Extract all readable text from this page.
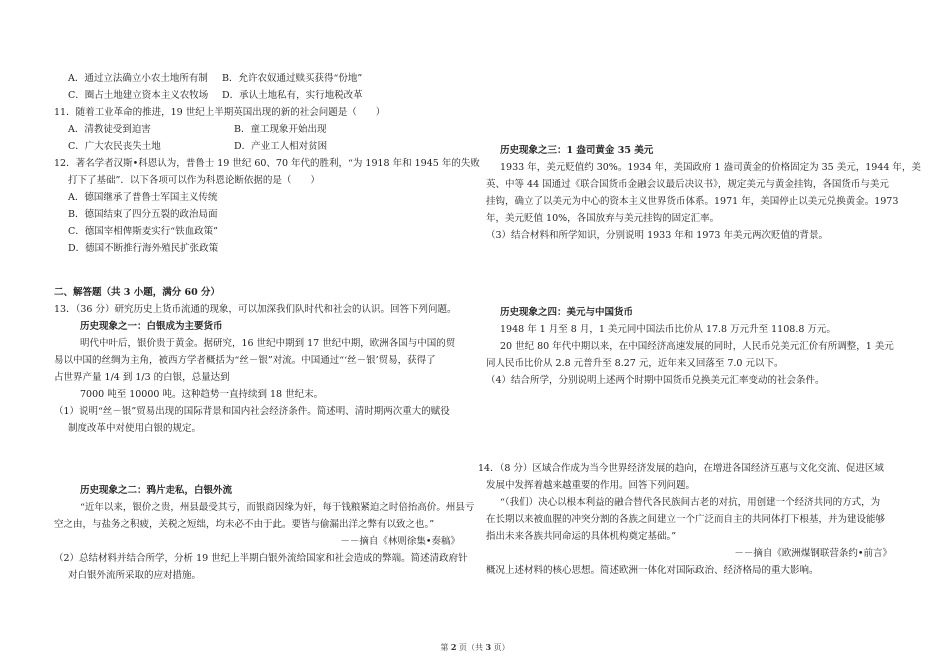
A．通过立法确立小农土地所有制	B．允许农奴通过赎买获得“份地”
C．圈占土地建立资本主义农牧场	D．承认土地私有，实行地税改革
11．随着工业革命的推进，19 世纪上半期英国出现的新的社会问题是（　　）
A．清教徒受到迫害	B．童工现象开始出现
C．广大农民丧失土地	D．产业工人相对贫困
12．著名学者汉斯•科恩认为，普鲁士 19 世纪 60、70 年代的胜利，“为 1918 年和 1945 年的失败
打下了基础”．以下各项可以作为科恩论断依据的是（　　）
A．德国继承了普鲁士军国主义传统
B．德国结束了四分五裂的政治局面
C．德国宰相俾斯麦实行“铁血政策”
D．德国不断推行海外殖民扩张政策
二、解答题（共 3 小题，满分 60 分）
13．（36 分）研究历史上货币流通的现象，可以加深我们队时代和社会的认识。回答下列问题。
历史现象之一：白银成为主要货币
明代中叶后，银价贵于黄金。据研究，16 世纪中期到 17 世纪中期，欧洲各国与中国的贸
易以中国的丝绸为主角，被西方学者概括为“丝－银”对流。中国通过“‘丝－银’贸易，获得了
占世界产量 1/4 到 1/3 的白银，总量达到
7000 吨至 10000 吨。这种趋势一直持续到 18 世纪末。
（1）说明“丝－银”贸易出现的国际背景和国内社会经济条件。简述明、清时期两次重大的赋役
制度改革中对使用白银的规定。
历史现象之二：鸦片走私，白银外流
“近年以来，银价之贵，州县最受其亏，而银商因缘为奸，每于钱粮紧迫之时倍抬高价。州县亏
空之由，与盐务之积疲，关税之短绌，均未必不由于此。要皆与偷漏出洋之弊有以致之也。”
－－摘自《林则徐集•奏稿》
（2）总结材料并结合所学，分析 19 世纪上半期白银外流给国家和社会造成的弊端。简述清政府针
对白银外流所采取的应对措施。
历史现象之三：1 盎司黄金 35 美元
1933 年，美元贬值约 30%。1934 年，美国政府 1 盎司黄金的价格固定为 35 美元，1944 年，美
英、中等 44 国通过《联合国货币金融会议最后决议书》，规定美元与黄金挂钩，各国货币与美元
挂钩，确立了以美元为中心的资本主义世界货币体系。1971 年，美国停止以美元兑换黄金。1973
年，美元贬值 10%，各国放弃与美元挂钩的固定汇率。
（3）结合材料和所学知识，分别说明 1933 年和 1973 年美元两次贬值的背景。
历史现象之四：美元与中国货币
1948 年 1 月至 8 月，1 美元同中国法币比价从 17.8 万元升至 1108.8 万元。
20 世纪 80 年代中期以来，在中国经济高速发展的同时，人民币兑美元汇价有所调整，1 美元
同人民币比价从 2.8 元普升至 8.27 元，近年来又回落至 7.0 元以下。
（4）结合所学，分别说明上述两个时期中国货币兑换美元汇率变动的社会条件。
14．（8 分）区域合作成为当今世界经济发展的趋向，在增进各国经济互惠与文化交流、促进区域
发展中发挥着越来越重要的作用。回答下列问题。
“（我们）决心以根本利益的融合替代各民族间古老的对抗，用创建一个经济共同的方式，为
在长期以来被血腥的冲突分割的各族之间建立一个广泛而自主的共同体打下根基，并为建设能够
指出未来各族共同命运的具体机构奠定基础。”
－－摘自《欧洲煤钢联营条约•前言》
概况上述材料的核心思想。简述欧洲一体化对国际政治、经济格局的重大影响。
第 2 页（共 3 页）
